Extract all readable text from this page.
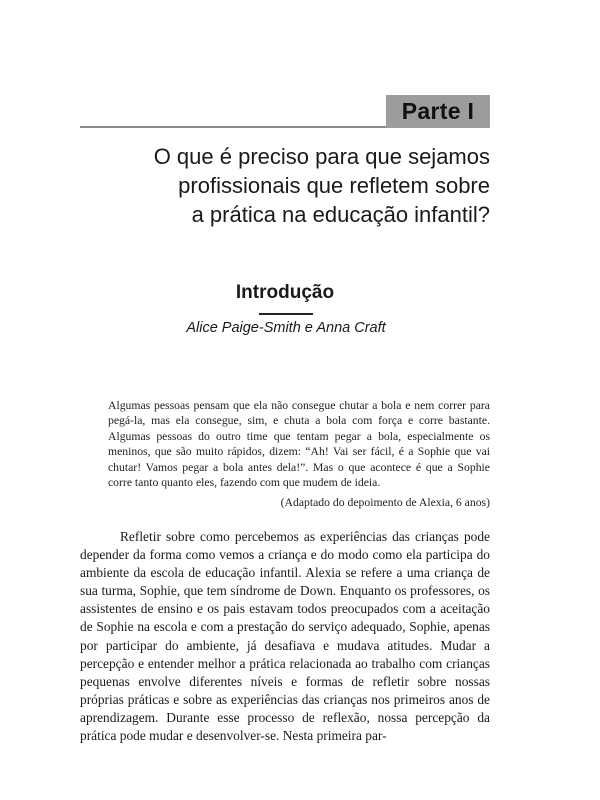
Parte I
O que é preciso para que sejamos
profissionais que refletem sobre
a prática na educação infantil?
Introdução
Alice Paige-Smith e Anna Craft
Algumas pessoas pensam que ela não consegue chutar a bola e nem correr para pegá-la, mas ela consegue, sim, e chuta a bola com força e corre bastante. Algumas pessoas do outro time que tentam pegar a bola, especialmente os meninos, que são muito rápidos, dizem: “Ah! Vai ser fácil, é a Sophie que vai chutar! Vamos pegar a bola antes dela!”. Mas o que acontece é que a Sophie corre tanto quanto eles, fazendo com que mudem de ideia.
(Adaptado do depoimento de Alexia, 6 anos)

Refletir sobre como percebemos as experiências das crianças pode depender da forma como vemos a criança e do modo como ela participa do ambiente da escola de educação infantil. Alexia se refere a uma criança de sua turma, Sophie, que tem síndrome de Down. Enquanto os professores, os assistentes de ensino e os pais estavam todos preocupados com a aceitação de Sophie na escola e com a prestação do serviço adequado, Sophie, apenas por participar do ambiente, já desafiava e mudava atitudes. Mudar a percepção e entender melhor a prática relacionada ao trabalho com crianças pequenas envolve diferentes níveis e formas de refletir sobre nossas próprias práticas e sobre as experiências das crianças nos primeiros anos de aprendizagem. Durante esse processo de reflexão, nossa percepção da prática pode mudar e desenvolver-se. Nesta primeira par-
